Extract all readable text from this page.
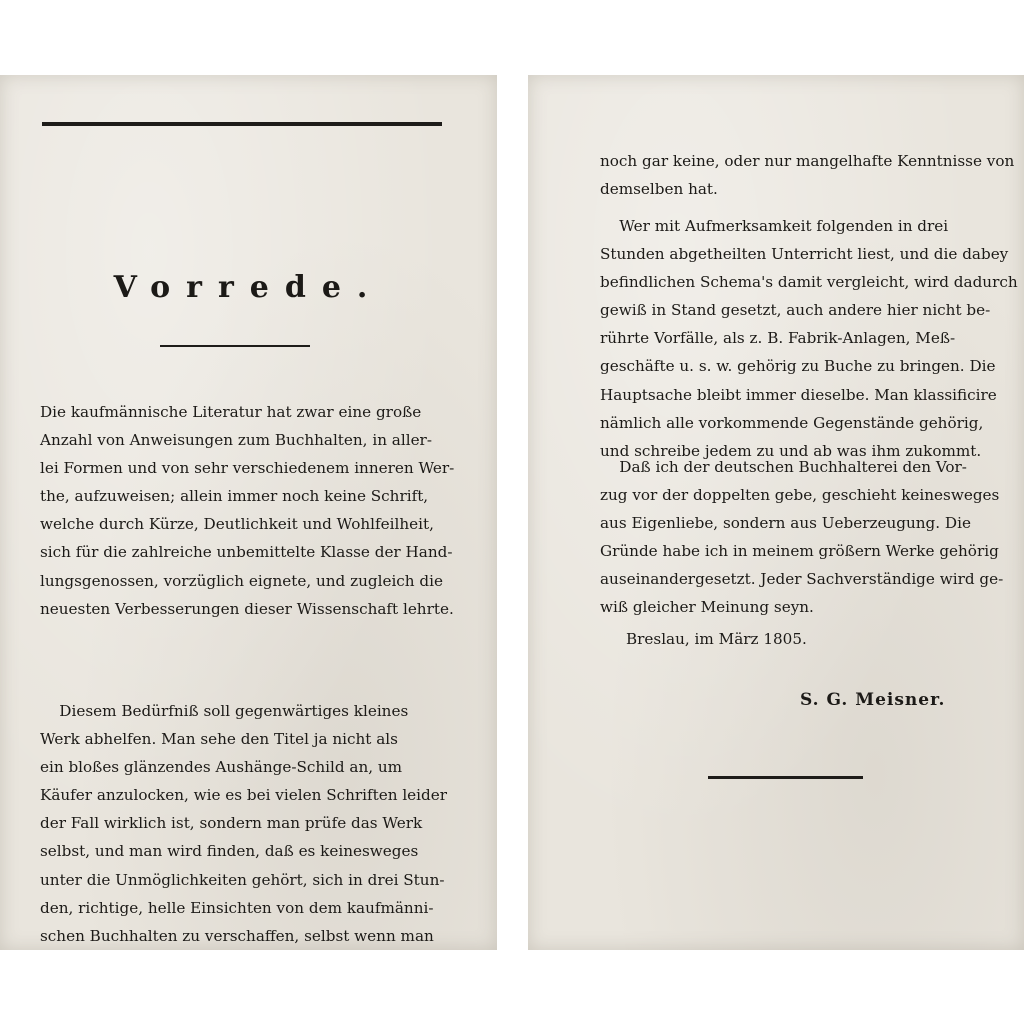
Vorrede.
Die kaufmännische Literatur hat zwar eine große
Anzahl von Anweisungen zum Buchhalten, in aller-
lei Formen und von sehr verschiedenem inneren Wer-
the, aufzuweisen; allein immer noch keine Schrift,
welche durch Kürze, Deutlichkeit und Wohlfeilheit,
sich für die zahlreiche unbemittelte Klasse der Hand-
lungsgenossen, vorzüglich eignete, und zugleich die
neuesten Verbesserungen dieser Wissenschaft lehrte.
Diesem Bedürfniß soll gegenwärtiges kleines
Werk abhelfen. Man sehe den Titel ja nicht als
ein bloßes glänzendes Aushänge-Schild an, um
Käufer anzulocken, wie es bei vielen Schriften leider
der Fall wirklich ist, sondern man prüfe das Werk
selbst, und man wird finden, daß es keinesweges
unter die Unmöglichkeiten gehört, sich in drei Stun-
den, richtige, helle Einsichten von dem kaufmänni-
schen Buchhalten zu verschaffen, selbst wenn man
noch gar keine, oder nur mangelhafte Kenntnisse von
demselben hat.
Wer mit Aufmerksamkeit folgenden in drei
Stunden abgetheilten Unterricht liest, und die dabey
befindlichen Schema's damit vergleicht, wird dadurch
gewiß in Stand gesetzt, auch andere hier nicht be-
rührte Vorfälle, als z. B. Fabrik-Anlagen, Meß-
geschäfte u. s. w. gehörig zu Buche zu bringen. Die
Hauptsache bleibt immer dieselbe. Man klassificire
nämlich alle vorkommende Gegenstände gehörig,
und schreibe jedem zu und ab was ihm zukommt.
Daß ich der deutschen Buchhalterei den Vor-
zug vor der doppelten gebe, geschieht keinesweges
aus Eigenliebe, sondern aus Ueberzeugung. Die
Gründe habe ich in meinem größern Werke gehörig
auseinandergesetzt. Jeder Sachverständige wird ge-
wiß gleicher Meinung seyn.
Breslau, im März 1805.
S. G. Meisner.
